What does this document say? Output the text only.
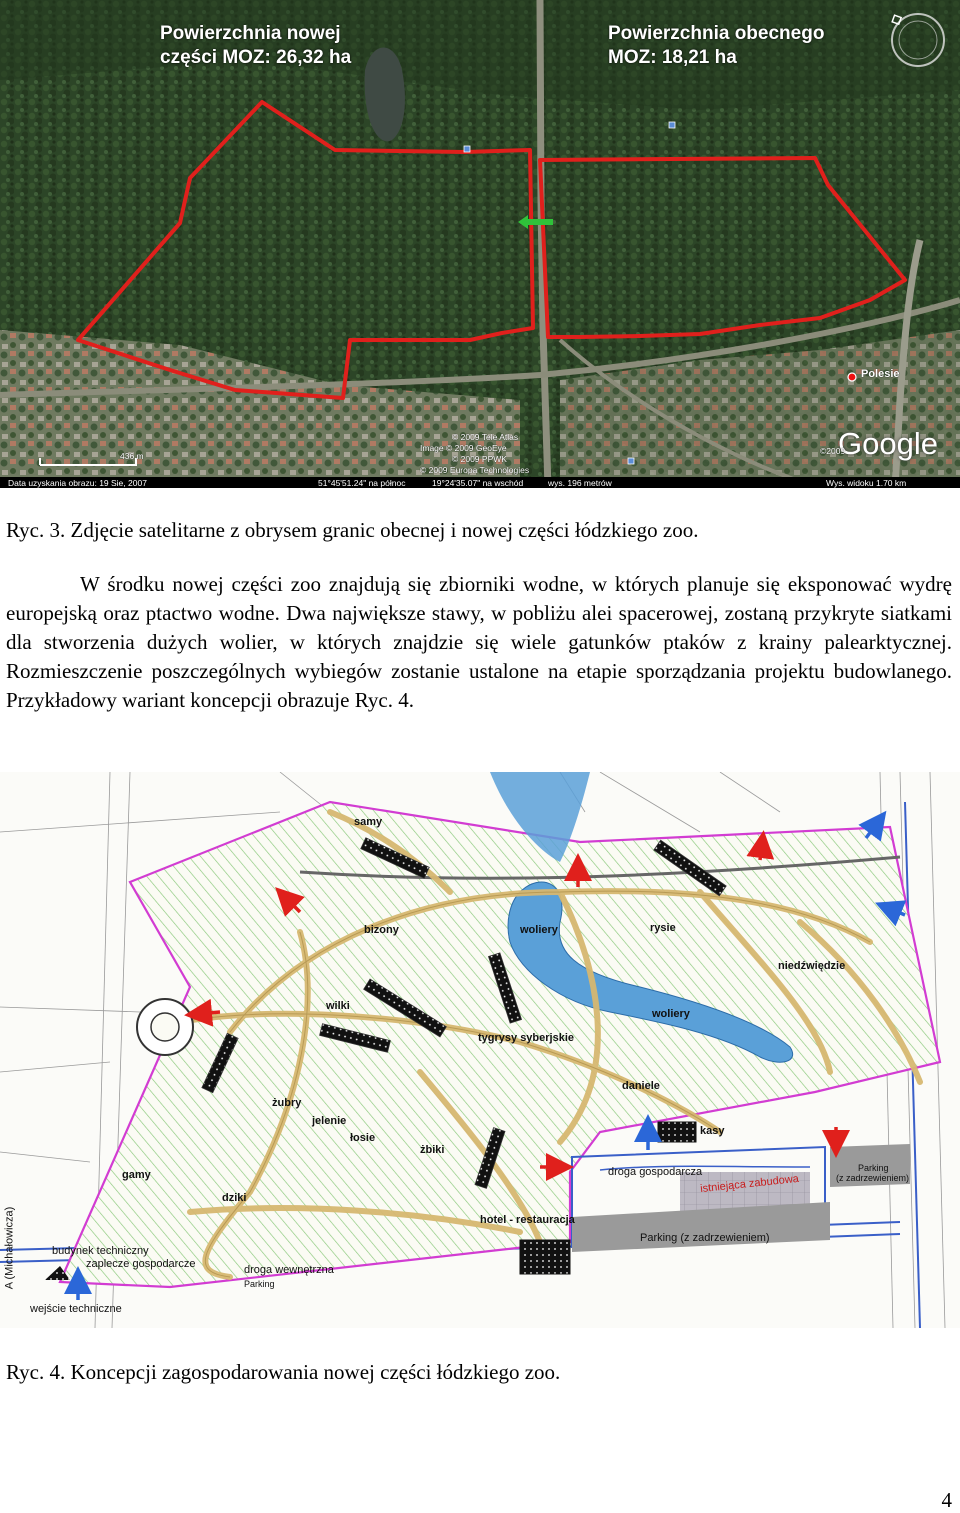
Powierzchnia nowej
części MOZ: 26,32 ha
Powierzchnia obecnego
MOZ: 18,21 ha
Polesie
436 m
© 2009 Tele Atlas
Image © 2009 GeoEye
© 2009 PPWK
© 2009 Europa Technologies
Google
©2009
Data uzyskania obrazu: 19 Sie, 2007	51°45'51.24" na północ	19°24'35.07" na wschód	wys. 196 metrów	Wys. widoku 1.70 km
Ryc. 3. Zdjęcie satelitarne z obrysem granic obecnej i nowej części łódzkiego zoo.

W środku nowej części zoo znajdują się zbiorniki wodne, w których planuje się eksponować wydrę europejską oraz ptactwo wodne. Dwa największe stawy, w pobliżu alei spacerowej, zostaną przykryte siatkami dla stworzenia dużych wolier, w których znajdzie się wiele gatunków ptaków z krainy palearktycznej. Rozmieszczenie poszczególnych wybiegów zostanie ustalone na etapie sporządzania projektu budowlanego. Przykładowy wariant koncepcji obrazuje Ryc. 4.

samy
bizony	woliery	rysie
niedźwiędzie
wilki
woliery
tygrysy syberjskie
daniele
żubry
jelenie
łosie
żbiki
kasy
gamy
dziki
hotel - restauracja
droga gospodarcza
istniejąca zabudowa
Parking
(z zadrzewieniem)
Parking (z zadrzewieniem)
budynek techniczny
zaplecze gospodarcze	droga wewnętrzna
Parking
wejście techniczne
A (Michałowicza)
Ryc. 4. Koncepcji zagospodarowania nowej części łódzkiego zoo.
4
